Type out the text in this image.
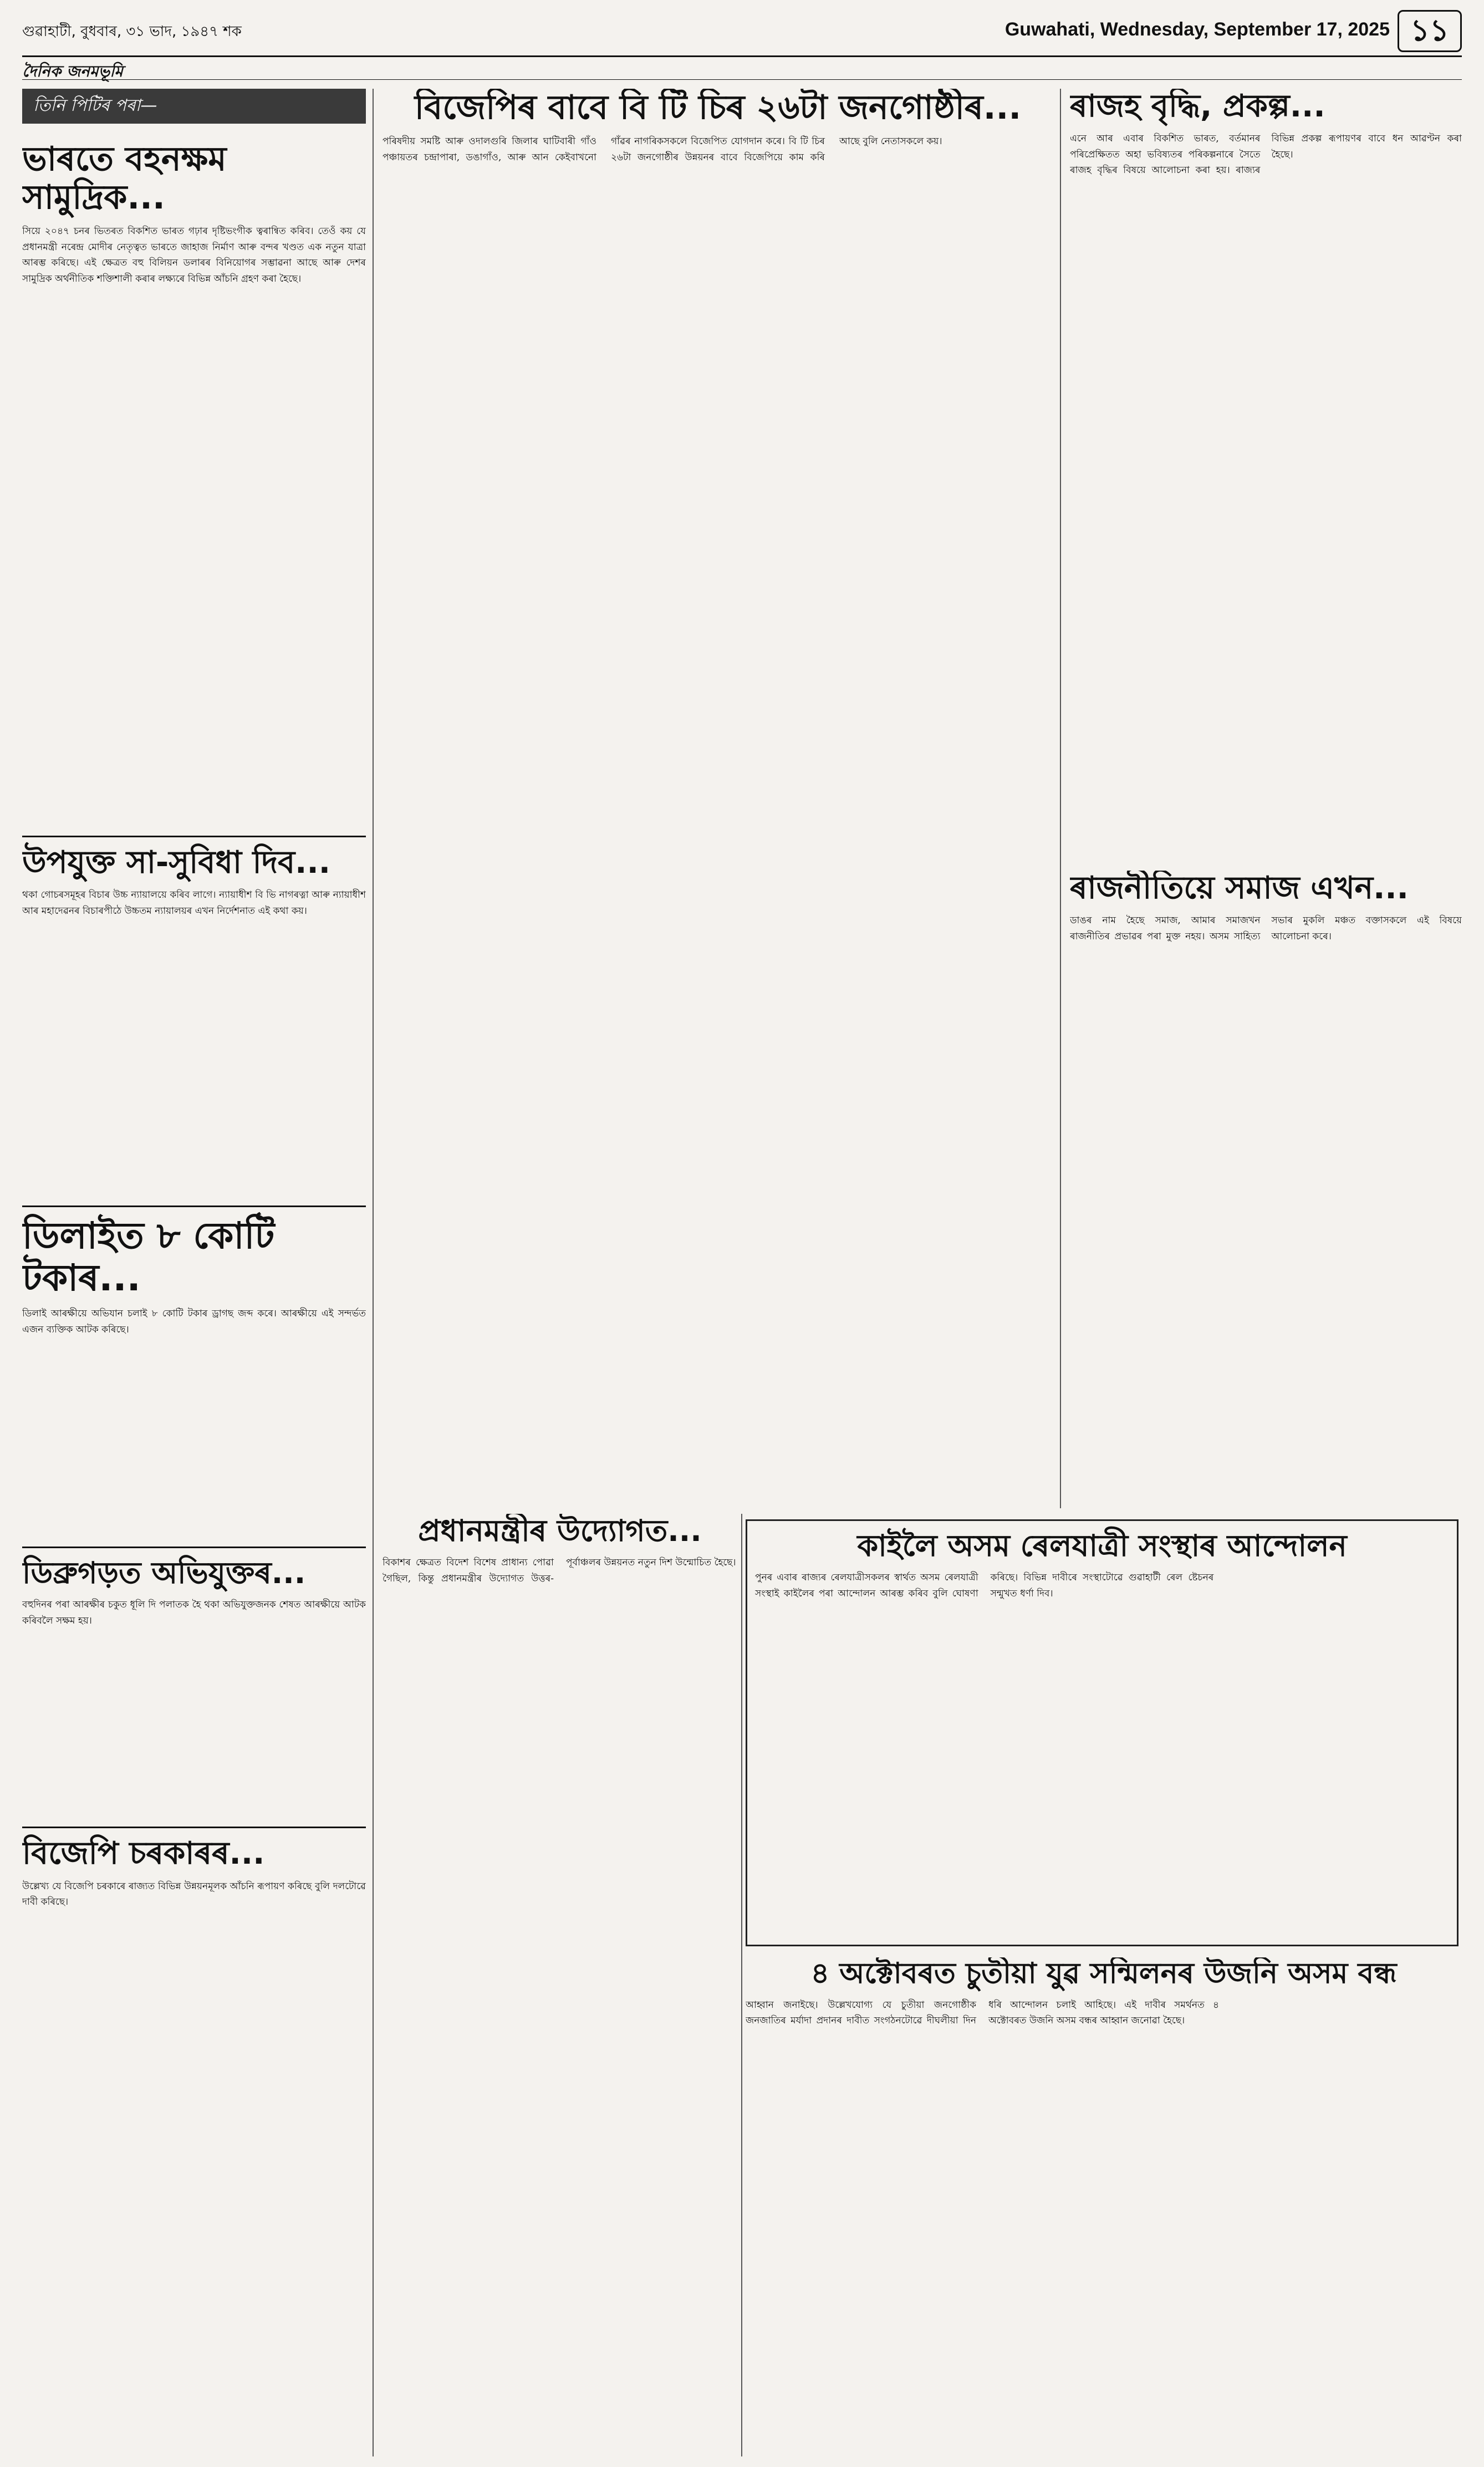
গুৱাহাটী, বুধবাৰ, ৩১ ভাদ, ১৯৪৭ শক	Guwahati, Wednesday, September 17, 2025 ১১
দৈনিক জনমভূমি
তিনি পিটিৰ পৰা—
ভাৰতে বহনক্ষম সামুদ্ৰিক...

সিয়ে ২০৪৭ চনৰ ভিতৰত বিকশিত ভাৰত গঢ়াৰ দৃষ্টিভংগীক ত্বৰান্বিত কৰিব। তেওঁ কয় যে প্ৰধানমন্ত্ৰী নৰেন্দ্ৰ মোদীৰ নেতৃত্বত ভাৰতে জাহাজ নিৰ্মাণ আৰু বন্দৰ খণ্ডত এক নতুন যাত্ৰা আৰম্ভ কৰিছে। এই ক্ষেত্ৰত বহু বিলিয়ন ডলাৰৰ বিনিয়োগৰ সম্ভাৱনা আছে আৰু দেশৰ সামুদ্ৰিক অৰ্থনীতিক শক্তিশালী কৰাৰ লক্ষ্যৰে বিভিন্ন আঁচনি গ্ৰহণ কৰা হৈছে।

উপযুক্ত সা-সুবিধা দিব...

থকা গোচৰসমূহৰ বিচাৰ উচ্চ ন্যায়ালয়ে কৰিব লাগে। ন্যায়াধীশ বি ভি নাগৰত্না আৰু ন্যায়াধীশ আৰ মহাদেৱনৰ বিচাৰপীঠে উচ্চতম ন্যায়ালয়ৰ এখন নিৰ্দেশনাত এই কথা কয়।

ডিলাইত ৮ কোটি টকাৰ...

ডিলাই আৰক্ষীয়ে অভিযান চলাই ৮ কোটি টকাৰ ড্ৰাগছ জব্দ কৰে। আৰক্ষীয়ে এই সন্দৰ্ভত এজন ব্যক্তিক আটক কৰিছে।

ডিব্ৰুগড়ত অভিযুক্তৰ...

বহুদিনৰ পৰা আৰক্ষীৰ চকুত ধূলি দি পলাতক হৈ থকা অভিযুক্তজনক শেষত আৰক্ষীয়ে আটক কৰিবলৈ সক্ষম হয়।

বিজেপি চৰকাৰৰ...

উল্লেখ্য যে বিজেপি চৰকাৰে ৰাজ্যত বিভিন্ন উন্নয়নমূলক আঁচনি ৰূপায়ণ কৰিছে বুলি দলটোৱে দাবী কৰিছে।

বিজেপিৰ বাবে বি টি চিৰ ২৬টা জনগোষ্ঠীৰ...

পৰিষদীয় সমষ্টি আৰু ওদালগুৰি জিলাৰ ঘাটিবাৰী গাঁও পঞ্চায়তৰ চন্দ্ৰাপাৰা, ডঙাগাঁও, আৰু আন কেইবাখনো গাঁৱৰ নাগৰিকসকলে বিজেপিত যোগদান কৰে। বি টি চিৰ ২৬টা জনগোষ্ঠীৰ উন্নয়নৰ বাবে বিজেপিয়ে কাম কৰি আছে বুলি নেতাসকলে কয়।

প্ৰধানমন্ত্ৰীৰ উদ্যোগত...

বিকাশৰ ক্ষেত্ৰত বিদেশ বিশেষ প্ৰাধান্য পোৱা গৈছিল, কিন্তু প্ৰধানমন্ত্ৰীৰ উদ্যোগত উত্তৰ-পূৰ্বাঞ্চলৰ উন্নয়নত নতুন দিশ উন্মোচিত হৈছে।

ৰাজহ বৃদ্ধি, প্ৰকল্প...

এনে আৰ এবাৰ বিকশিত ভাৰত, বৰ্তমানৰ পৰিপ্ৰেক্ষিতত অহা ভবিষ্যতৰ পৰিকল্পনাৰে সৈতে ৰাজহ বৃদ্ধিৰ বিষয়ে আলোচনা কৰা হয়। ৰাজ্যৰ বিভিন্ন প্ৰকল্প ৰূপায়ণৰ বাবে ধন আৱণ্টন কৰা হৈছে।

ৰাজনীতিয়ে সমাজ এখন...

ডাঙৰ নাম হৈছে সমাজ, আমাৰ সমাজখন ৰাজনীতিৰ প্ৰভাৱৰ পৰা মুক্ত নহয়। অসম সাহিত্য সভাৰ মুকলি মঞ্চত বক্তাসকলে এই বিষয়ে আলোচনা কৰে।

কাইলৈ অসম ৰেলযাত্ৰী সংস্থাৰ আন্দোলন

পুনৰ এবাৰ ৰাজ্যৰ ৰেলযাত্ৰীসকলৰ স্বাৰ্থত অসম ৰেলযাত্ৰী সংস্থাই কাইলৈৰ পৰা আন্দোলন আৰম্ভ কৰিব বুলি ঘোষণা কৰিছে। বিভিন্ন দাবীৰে সংস্থাটোৱে গুৱাহাটী ৰেল ষ্টেচনৰ সন্মুখত ধৰ্ণা দিব।

৪ অক্টোবৰত চুতীয়া যুৱ সন্মিলনৰ উজনি অসম বন্ধ

আহ্বান জনাইছে। উল্লেখযোগ্য যে চুতীয়া জনগোষ্ঠীক জনজাতিৰ মৰ্যাদা প্ৰদানৰ দাবীত সংগঠনটোৱে দীঘলীয়া দিন ধৰি আন্দোলন চলাই আহিছে। এই দাবীৰ সমৰ্থনত ৪ অক্টোবৰত উজনি অসম বন্ধৰ আহ্বান জনোৱা হৈছে।
